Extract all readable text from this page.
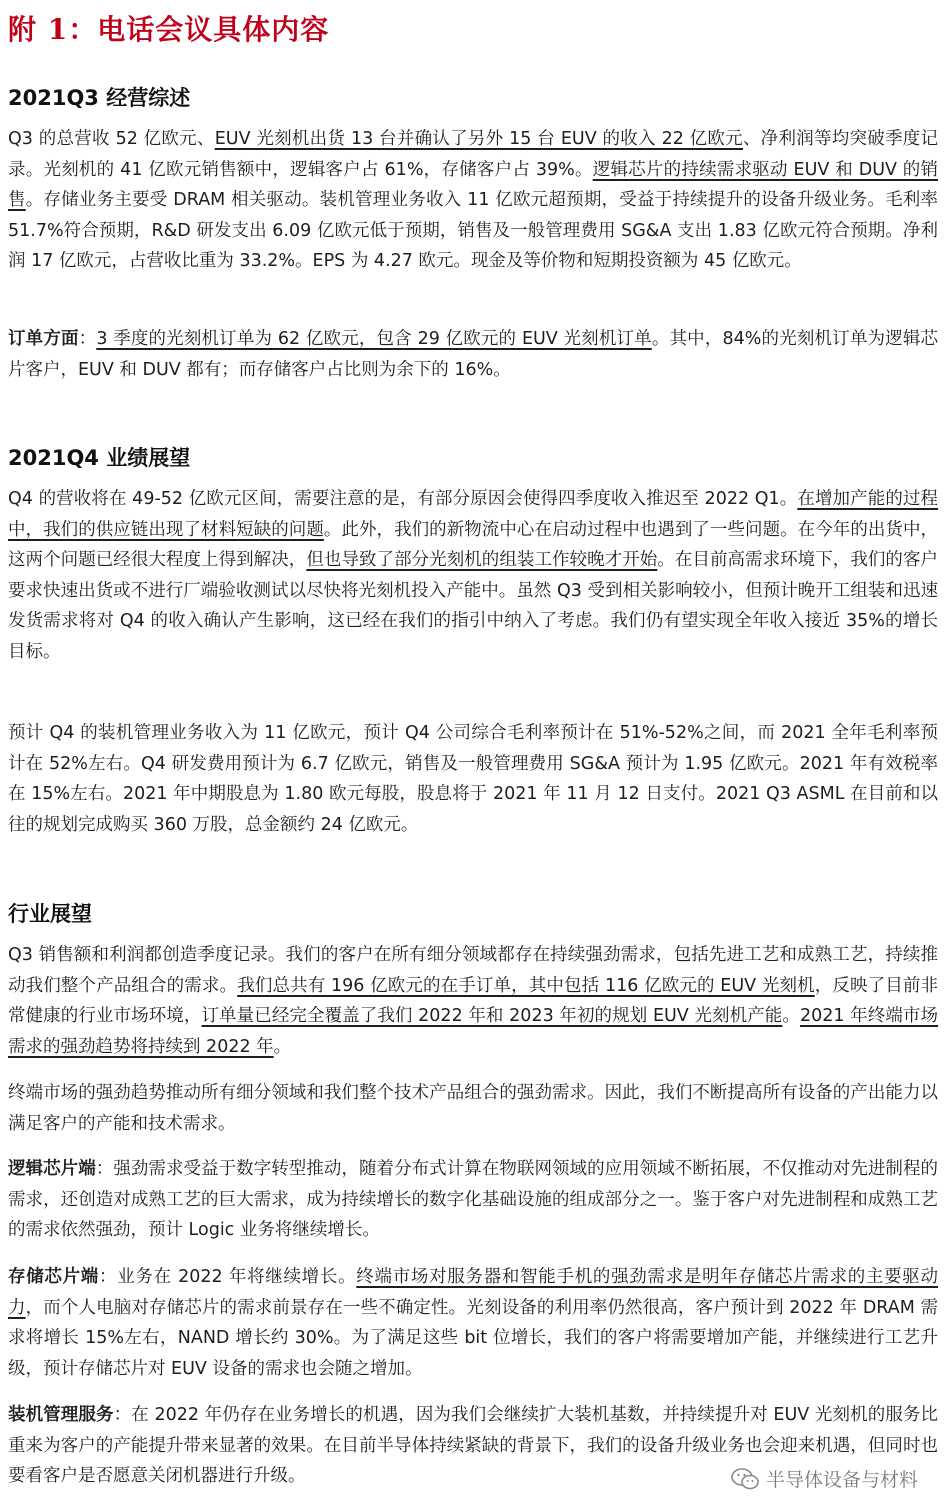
附 1：电话会议具体内容
2021Q3 经营综述

Q3 的总营收 52 亿欧元、EUV 光刻机出货 13 台并确认了另外 15 台 EUV 的收入 22 亿欧元、净利润等均突破季度记录。光刻机的 41 亿欧元销售额中，逻辑客户占 61%，存储客户占 39%。逻辑芯片的持续需求驱动 EUV 和 DUV 的销售。存储业务主要受 DRAM 相关驱动。装机管理业务收入 11 亿欧元超预期，受益于持续提升的设备升级业务。毛利率 51.7%符合预期，R&D 研发支出 6.09 亿欧元低于预期，销售及一般管理费用 SG&A 支出 1.83 亿欧元符合预期。净利润 17 亿欧元，占营收比重为 33.2%。EPS 为 4.27 欧元。现金及等价物和短期投资额为 45 亿欧元。

订单方面：3 季度的光刻机订单为 62 亿欧元，包含 29 亿欧元的 EUV 光刻机订单。其中，84%的光刻机订单为逻辑芯片客户，EUV 和 DUV 都有；而存储客户占比则为余下的 16%。

2021Q4 业绩展望

Q4 的营收将在 49-52 亿欧元区间，需要注意的是，有部分原因会使得四季度收入推迟至 2022 Q1。在增加产能的过程中，我们的供应链出现了材料短缺的问题。此外，我们的新物流中心在启动过程中也遇到了一些问题。在今年的出货中，这两个问题已经很大程度上得到解决，但也导致了部分光刻机的组装工作较晚才开始。在目前高需求环境下，我们的客户要求快速出货或不进行厂端验收测试以尽快将光刻机投入产能中。虽然 Q3 受到相关影响较小，但预计晚开工组装和迅速发货需求将对 Q4 的收入确认产生影响，这已经在我们的指引中纳入了考虑。我们仍有望实现全年收入接近 35%的增长目标。

预计 Q4 的装机管理业务收入为 11 亿欧元，预计 Q4 公司综合毛利率预计在 51%-52%之间，而 2021 全年毛利率预计在 52%左右。Q4 研发费用预计为 6.7 亿欧元，销售及一般管理费用 SG&A 预计为 1.95 亿欧元。2021 年有效税率在 15%左右。2021 年中期股息为 1.80 欧元每股，股息将于 2021 年 11 月 12 日支付。2021 Q3 ASML 在目前和以往的规划完成购买 360 万股，总金额约 24 亿欧元。

行业展望

Q3 销售额和利润都创造季度记录。我们的客户在所有细分领域都存在持续强劲需求，包括先进工艺和成熟工艺，持续推动我们整个产品组合的需求。我们总共有 196 亿欧元的在手订单，其中包括 116 亿欧元的 EUV 光刻机，反映了目前非常健康的行业市场环境，订单量已经完全覆盖了我们 2022 年和 2023 年初的规划 EUV 光刻机产能。2021 年终端市场需求的强劲趋势将持续到 2022 年。

终端市场的强劲趋势推动所有细分领域和我们整个技术产品组合的强劲需求。因此，我们不断提高所有设备的产出能力以满足客户的产能和技术需求。

逻辑芯片端：强劲需求受益于数字转型推动，随着分布式计算在物联网领域的应用领域不断拓展，不仅推动对先进制程的需求，还创造对成熟工艺的巨大需求，成为持续增长的数字化基础设施的组成部分之一。鉴于客户对先进制程和成熟工艺的需求依然强劲，预计 Logic 业务将继续增长。

存储芯片端：业务在 2022 年将继续增长。终端市场对服务器和智能手机的强劲需求是明年存储芯片需求的主要驱动力，而个人电脑对存储芯片的需求前景存在一些不确定性。光刻设备的利用率仍然很高，客户预计到 2022 年 DRAM 需求将增长 15%左右，NAND 增长约 30%。为了满足这些 bit 位增长，我们的客户将需要增加产能，并继续进行工艺升级，预计存储芯片对 EUV 设备的需求也会随之增加。

装机管理服务：在 2022 年仍存在业务增长的机遇，因为我们会继续扩大装机基数，并持续提升对 EUV 光刻机的服务比重来为客户的产能提升带来显著的效果。在目前半导体持续紧缺的背景下，我们的设备升级业务也会迎来机遇，但同时也要看客户是否愿意关闭机器进行升级。	半导体设备与材料
